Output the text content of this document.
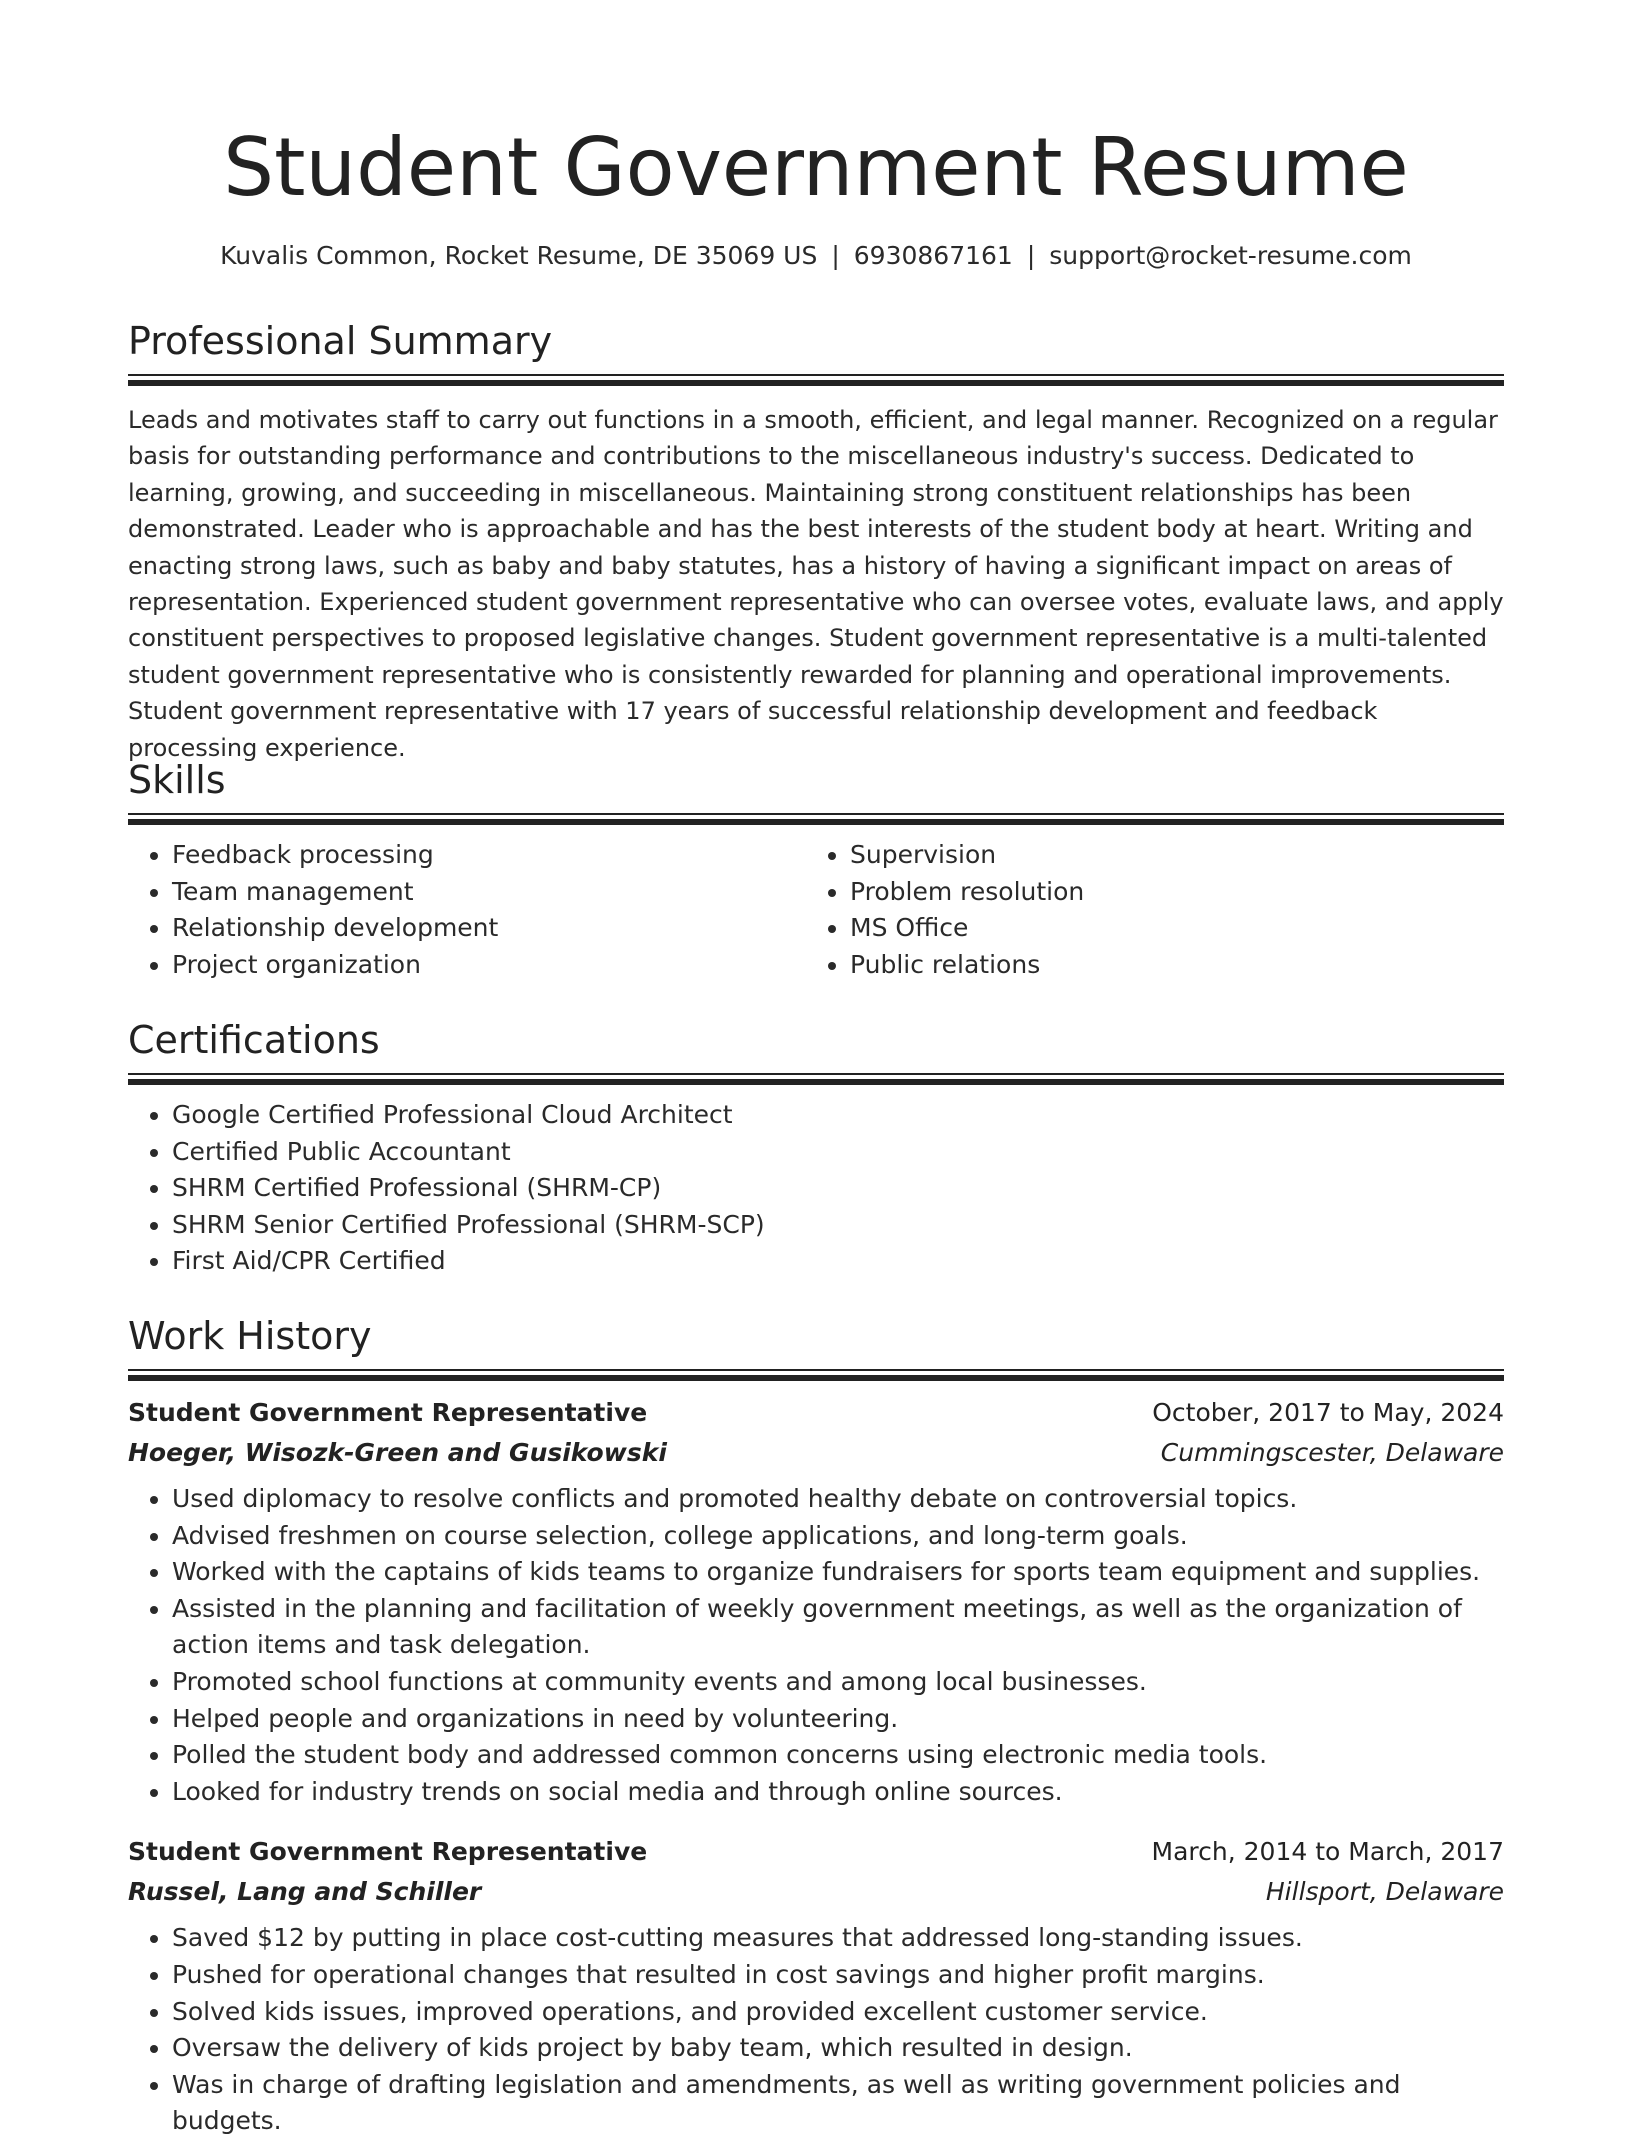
Student Government Resume
Kuvalis Common, Rocket Resume, DE 35069 US | 6930867161 | support@rocket-resume.com
Professional Summary

Leads and motivates staff to carry out functions in a smooth, efficient, and legal manner. Recognized on a regular basis for outstanding performance and contributions to the miscellaneous industry's success. Dedicated to learning, growing, and succeeding in miscellaneous. Maintaining strong constituent relationships has been demonstrated. Leader who is approachable and has the best interests of the student body at heart. Writing and enacting strong laws, such as baby and baby statutes, has a history of having a significant impact on areas of representation. Experienced student government representative who can oversee votes, evaluate laws, and apply constituent perspectives to proposed legislative changes. Student government representative is a multi-talented student government representative who is consistently rewarded for planning and operational improvements. Student government representative with 17 years of successful relationship development and feedback processing experience.

Skills
• Feedback processing
• Team management
• Relationship development
• Project organization
• Supervision
• Problem resolution
• MS Office
• Public relations
Certifications
• Google Certified Professional Cloud Architect
• Certified Public Accountant
• SHRM Certified Professional (SHRM-CP)
• SHRM Senior Certified Professional (SHRM-SCP)
• First Aid/CPR Certified
Work History
Student Government Representative	October, 2017 to May, 2024
Hoeger, Wisozk-Green and Gusikowski	Cummingscester, Delaware
• Used diplomacy to resolve conflicts and promoted healthy debate on controversial topics.
• Advised freshmen on course selection, college applications, and long-term goals.
• Worked with the captains of kids teams to organize fundraisers for sports team equipment and supplies.
• Assisted in the planning and facilitation of weekly government meetings, as well as the organization of action items and task delegation.
• Promoted school functions at community events and among local businesses.
• Helped people and organizations in need by volunteering.
• Polled the student body and addressed common concerns using electronic media tools.
• Looked for industry trends on social media and through online sources.
Student Government Representative	March, 2014 to March, 2017
Russel, Lang and Schiller	Hillsport, Delaware
• Saved $12 by putting in place cost-cutting measures that addressed long-standing issues.
• Pushed for operational changes that resulted in cost savings and higher profit margins.
• Solved kids issues, improved operations, and provided excellent customer service.
• Oversaw the delivery of kids project by baby team, which resulted in design.
• Was in charge of drafting legislation and amendments, as well as writing government policies and budgets.
